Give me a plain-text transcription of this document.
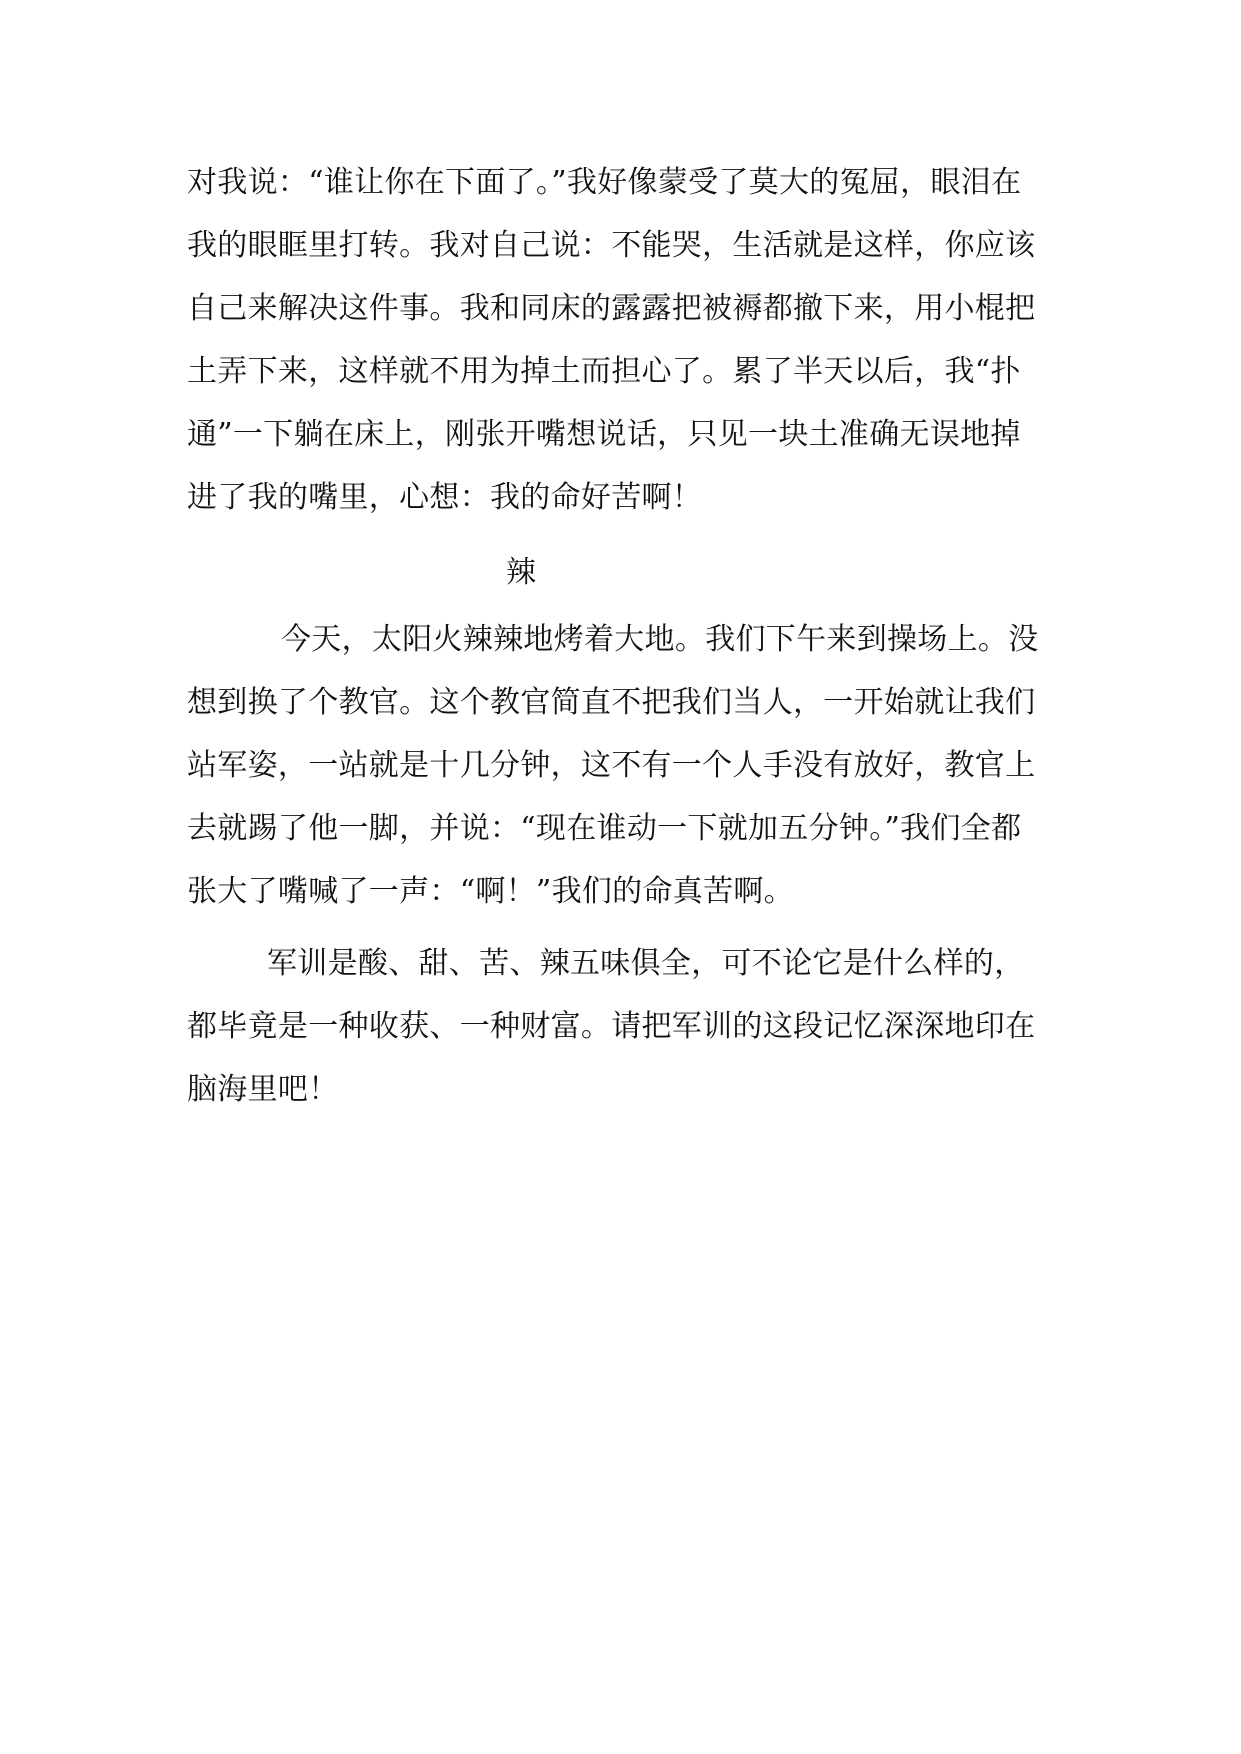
对我说：“谁让你在下面了。”我好像蒙受了莫大的冤屈，眼泪在
我的眼眶里打转。我对自己说：不能哭，生活就是这样，你应该
自己来解决这件事。我和同床的露露把被褥都撤下来，用小棍把
土弄下来，这样就不用为掉土而担心了。累了半天以后，我“扑
通”一下躺在床上，刚张开嘴想说话，只见一块土准确无误地掉
进了我的嘴里，心想：我的命好苦啊！
辣
今天，太阳火辣辣地烤着大地。我们下午来到操场上。没
想到换了个教官。这个教官简直不把我们当人，一开始就让我们
站军姿，一站就是十几分钟，这不有一个人手没有放好，教官上
去就踢了他一脚，并说：“现在谁动一下就加五分钟。”我们全都
张大了嘴喊了一声：“啊！”我们的命真苦啊。
军训是酸、甜、苦、辣五味俱全，可不论它是什么样的，
都毕竟是一种收获、一种财富。请把军训的这段记忆深深地印在
脑海里吧！
